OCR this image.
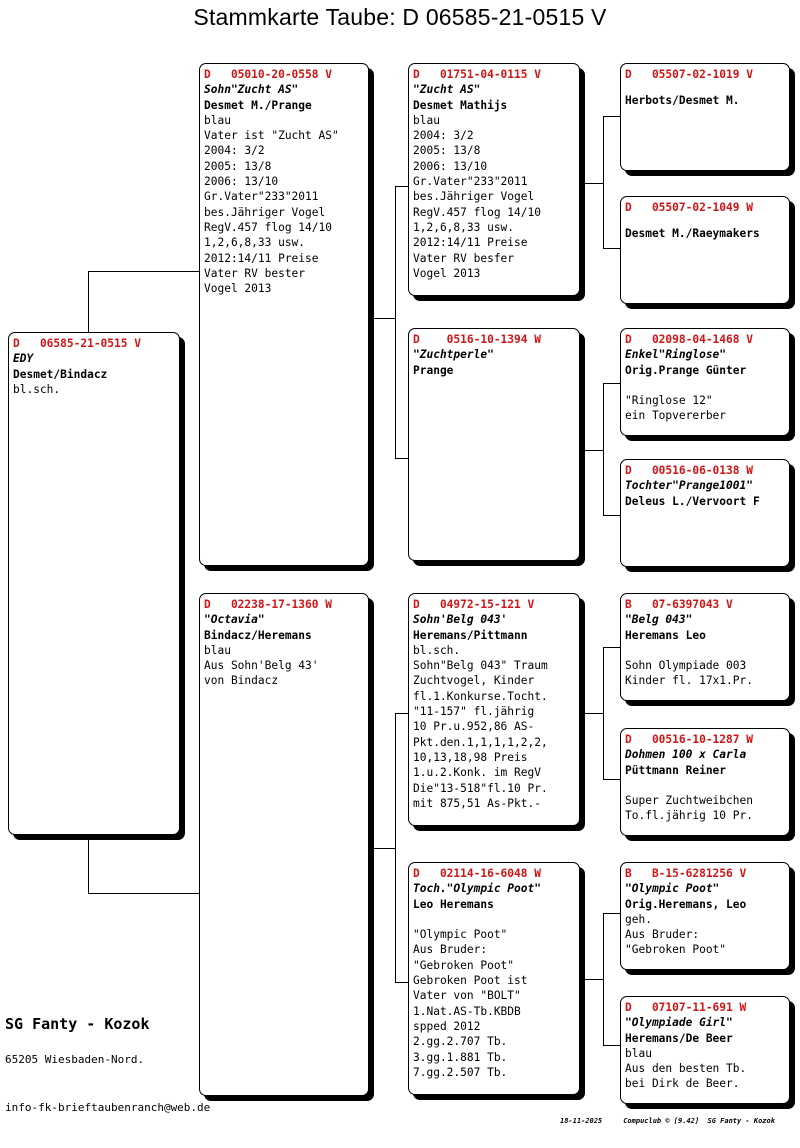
Stammkarte Taube: D 06585-21-0515 V
D   06585-21-0515 V
EDY
Desmet/Bindacz
bl.sch.
D   05010-20-0558 V
Sohn"Zucht AS"
Desmet M./Prange
blau
Vater ist "Zucht AS"
2004: 3/2
2005: 13/8
2006: 13/10
Gr.Vater"233"2011
bes.Jähriger Vogel
RegV.457 flog 14/10
1,2,6,8,33 usw.
2012:14/11 Preise
Vater RV bester
Vogel 2013
D   02238-17-1360 W
"Octavia"
Bindacz/Heremans
blau
Aus Sohn'Belg 43'
von Bindacz
D   01751-04-0115 V
"Zucht AS"
Desmet Mathijs
blau
2004: 3/2
2005: 13/8
2006: 13/10
Gr.Vater"233"2011
bes.Jähriger Vogel
RegV.457 flog 14/10
1,2,6,8,33 usw.
2012:14/11 Preise
Vater RV besfer
Vogel 2013
D    0516-10-1394 W
"Zuchtperle"
Prange
D   04972-15-121 V
Sohn'Belg 043'
Heremans/Pittmann
bl.sch.
Sohn"Belg 043" Traum
Zuchtvogel, Kinder
fl.1.Konkurse.Tocht.
"11-157" fl.jährig
10 Pr.u.952,86 AS-
Pkt.den.1,1,1,1,2,2,
10,13,18,98 Preis
1.u.2.Konk. im RegV
Die"13-518"fl.10 Pr.
mit 875,51 As-Pkt.-
D   02114-16-6048 W
Toch."Olympic Poot"
Leo Heremans
"Olympic Poot"
Aus Bruder:
"Gebroken Poot"
Gebroken Poot ist
Vater von "BOLT"
1.Nat.AS-Tb.KBDB
spped 2012
2.gg.2.707 Tb.
3.gg.1.881 Tb.
7.gg.2.507 Tb.
D   05507-02-1019 V
Herbots/Desmet M.
D   05507-02-1049 W
Desmet M./Raeymakers
D   02098-04-1468 V
Enkel"Ringlose"
Orig.Prange Günter
"Ringlose 12"
ein Topvererber
D   00516-06-0138 W
Tochter"Prange1001"
Deleus L./Vervoort F
B   07-6397043 V
"Belg 043"
Heremans Leo
Sohn Olympiade 003
Kinder fl. 17x1.Pr.
D   00516-10-1287 W
Dohmen 100 x Carla
Püttmann Reiner
Super Zuchtweibchen
To.fl.jährig 10 Pr.
B   B-15-6281256 V
"Olympic Poot"
Orig.Heremans, Leo
geh.
Aus Bruder:
"Gebroken Poot"
D   07107-11-691 W
"Olympiade Girl"
Heremans/De Beer
blau
Aus den besten Tb.
bei Dirk de Beer.
SG Fanty - Kozok
65205 Wiesbaden-Nord.
info-fk-brieftaubenranch@web.de
18-11-2025     Compuclub © [9.42]  SG Fanty - Kozok
